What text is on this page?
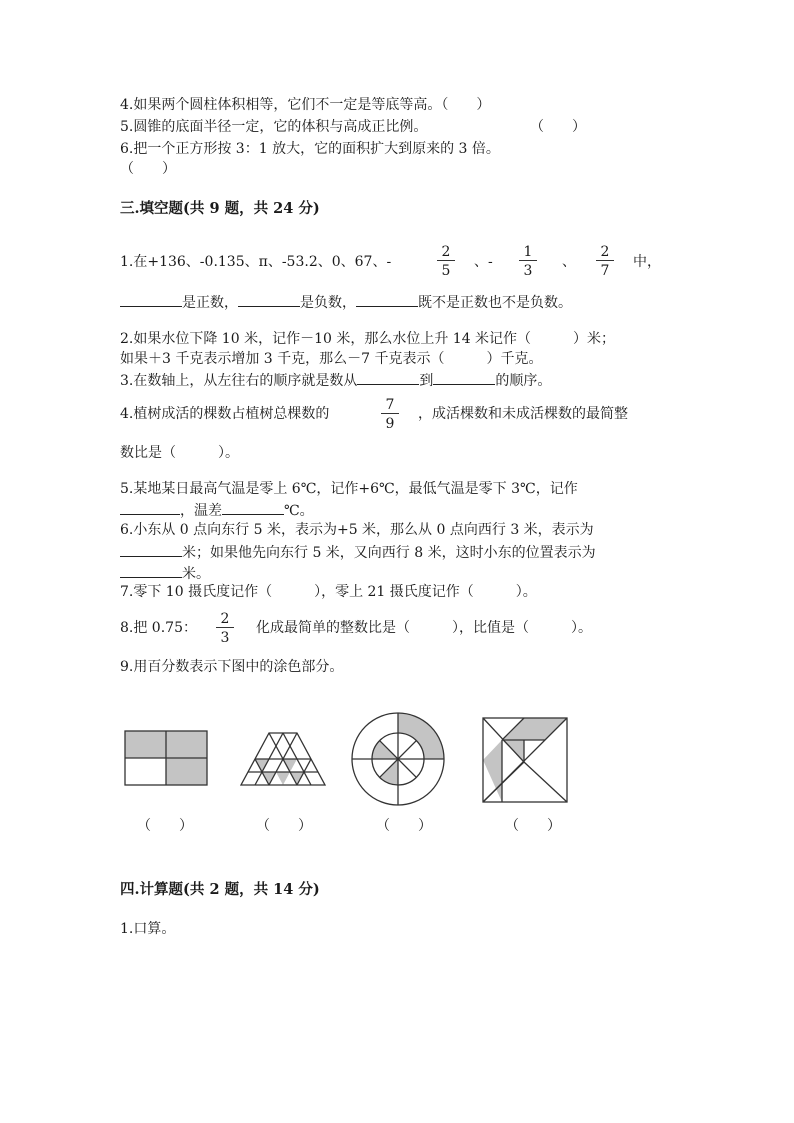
4.如果两个圆柱体积相等，它们不一定是等底等高。（　　）
5.圆锥的底面半径一定，它的体积与高成正比例。	（　　）
6.把一个正方形按 3：1 放大，它的面积扩大到原来的 3 倍。
（　　）
三.填空题(共 9 题，共 24 分)
1.在+136、-0.135、π、-53.2、0、67、-	$\frac{2}{5}$ 、- $\frac{1}{3}$ 、 $\frac{2}{7}$ 中，
是正数，	是负数，	既不是正数也不是负数。
2.如果水位下降 10 米，记作－10 米，那么水位上升 14 米记作（　　　）米；
如果＋3 千克表示增加 3 千克，那么－7 千克表示（　　　）千克。
3.在数轴上，从左往右的顺序就是数从	到	的顺序。
4.植树成活的棵数占植树总棵数的	$\frac{7}{9}$ ，成活棵数和未成活棵数的最简整
数比是（　　　）。
5.某地某日最高气温是零上 6℃，记作+6℃，最低气温是零下 3℃，记作
，温差	℃。
6.小东从 0 点向东行 5 米，表示为+5 米，那么从 0 点向西行 3 米，表示为
米；如果他先向东行 5 米，又向西行 8 米，这时小东的位置表示为
米。
7.零下 10 摄氏度记作（　　　），零上 21 摄氏度记作（　　　）。
8.把 0.75： $\frac{2}{3}$ 化成最简单的整数比是（　　　），比值是（　　　）。
9.用百分数表示下图中的涂色部分。
（　　）	（　　）	（　　）	（　　）
四.计算题(共 2 题，共 14 分)
1.口算。
